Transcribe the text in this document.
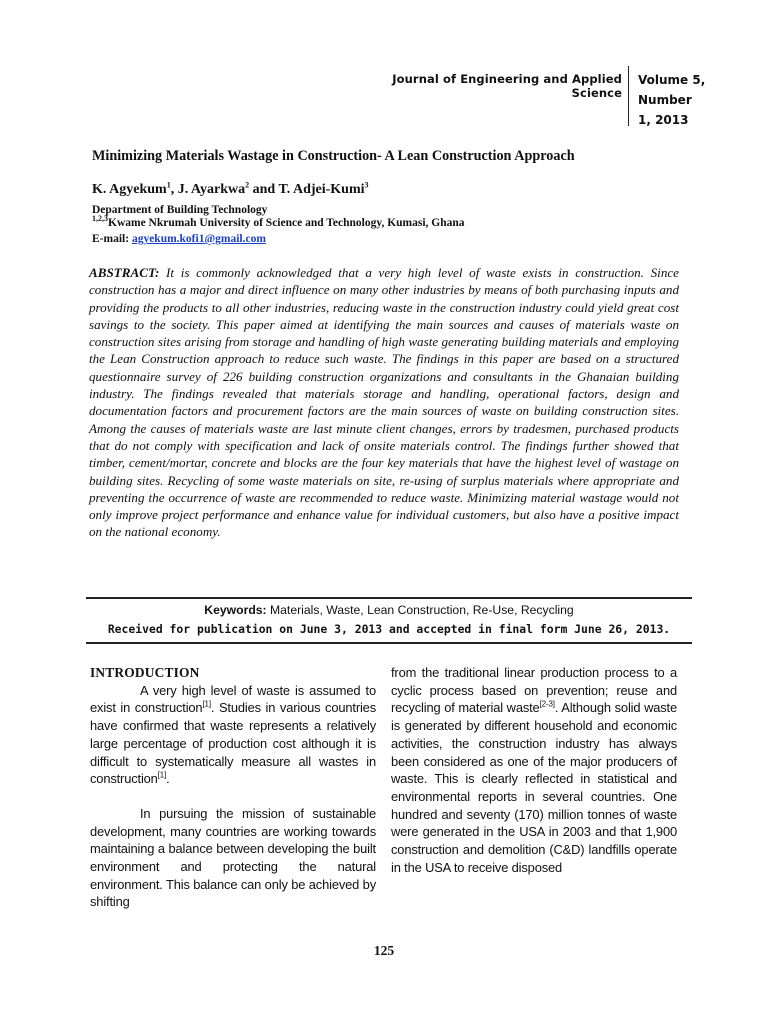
Journal of Engineering and Applied Science
Volume 5,
Number
1, 2013
Minimizing Materials Wastage in Construction- A Lean Construction Approach
K. Agyekum$^1$, J. Ayarkwa$^2$ and T. Adjei-Kumi$^3$
Department of Building Technology
$^{1,2,3}$Kwame Nkrumah University of Science and Technology, Kumasi, Ghana
E-mail: agyekum.kofi1@gmail.com
ABSTRACT: It is commonly acknowledged that a very high level of waste exists in construction. Since construction has a major and direct influence on many other industries by means of both purchasing inputs and providing the products to all other industries, reducing waste in the construction industry could yield great cost savings to the society. This paper aimed at identifying the main sources and causes of materials waste on construction sites arising from storage and handling of high waste generating building materials and employing the Lean Construction approach to reduce such waste. The findings in this paper are based on a structured questionnaire survey of 226 building construction organizations and consultants in the Ghanaian building industry. The findings revealed that materials storage and handling, operational factors, design and documentation factors and procurement factors are the main sources of waste on building construction sites. Among the causes of materials waste are last minute client changes, errors by tradesmen, purchased products that do not comply with specification and lack of onsite materials control. The findings further showed that timber, cement/mortar, concrete and blocks are the four key materials that have the highest level of wastage on building sites. Recycling of some waste materials on site, re-using of surplus materials where appropriate and preventing the occurrence of waste are recommended to reduce waste. Minimizing material wastage would not only improve project performance and enhance value for individual customers, but also have a positive impact on the national economy.
Keywords: Materials, Waste, Lean Construction, Re-Use, Recycling
Received for publication on June 3, 2013 and accepted in final form June 26, 2013.

INTRODUCTION

A very high level of waste is assumed to exist in construction[1]. Studies in various countries have confirmed that waste represents a relatively large percentage of production cost although it is difficult to systematically measure all wastes in construction[1].

In pursuing the mission of sustainable development, many countries are working towards maintaining a balance between developing the built environment and protecting the natural environment. This balance can only be achieved by shifting

from the traditional linear production process to a cyclic process based on prevention; reuse and recycling of material waste[2-3]. Although solid waste is generated by different household and economic activities, the construction industry has always been considered as one of the major producers of waste. This is clearly reflected in statistical and environmental reports in several countries. One hundred and seventy (170) million tonnes of waste were generated in the USA in 2003 and that 1,900 construction and demolition (C&D) landfills operate in the USA to receive disposed

125
